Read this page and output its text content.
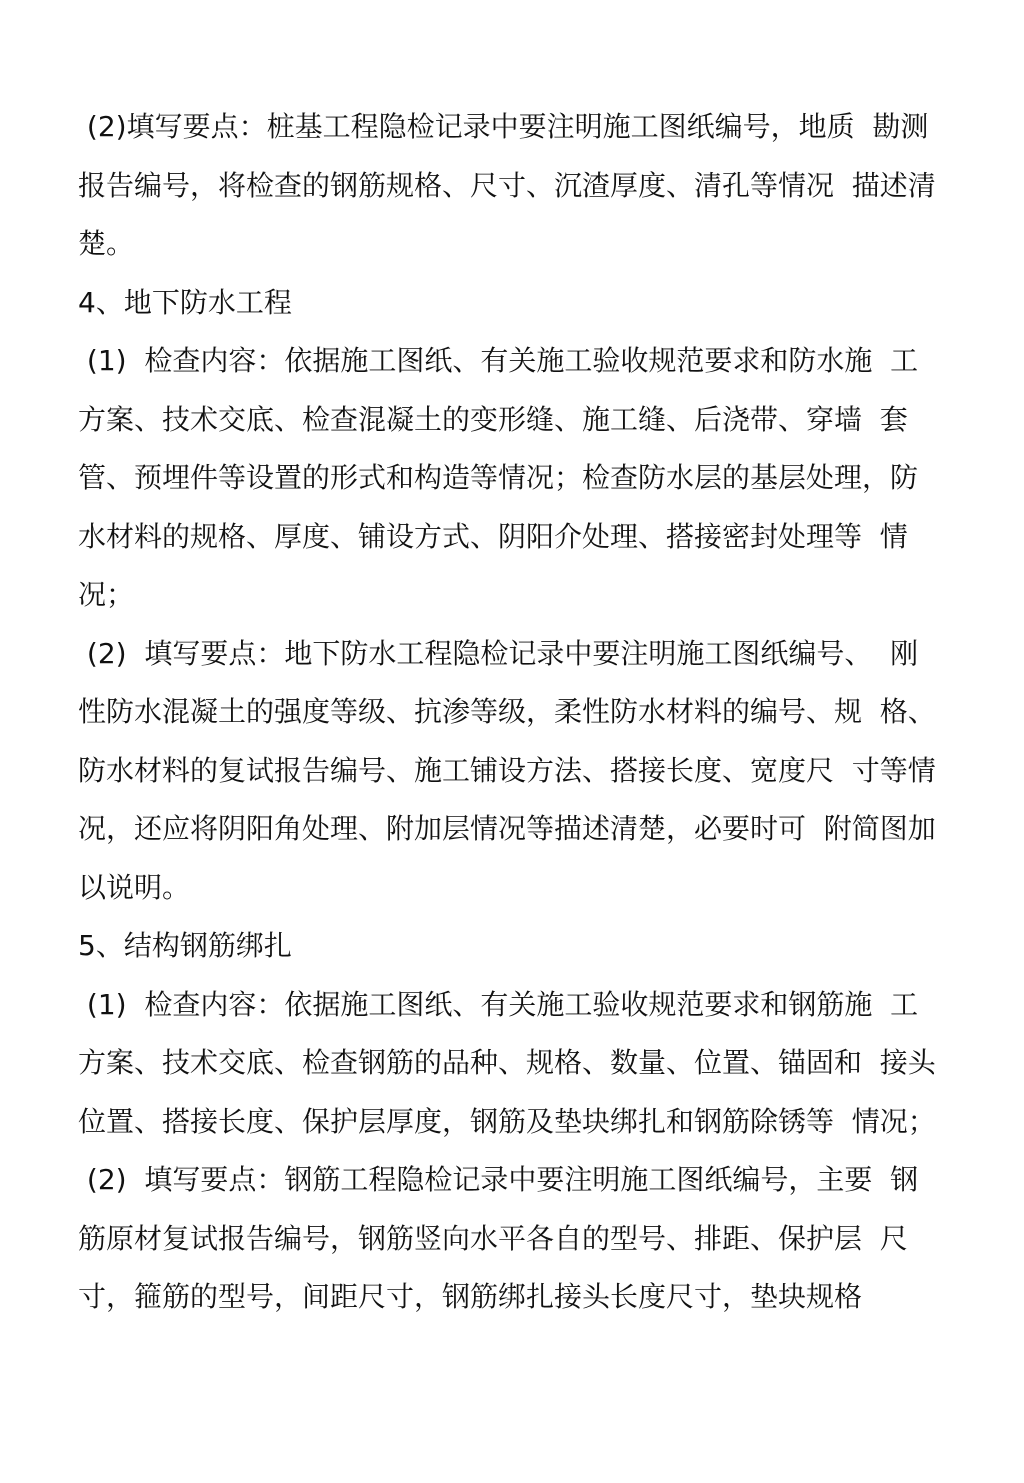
(2)填写要点：桩基工程隐检记录中要注明施工图纸编号，地质  勘测
报告编号，将检查的钢筋规格、尺寸、沉渣厚度、清孔等情况  描述清
楚。
4、地下防水工程
(1)  检查内容：依据施工图纸、有关施工验收规范要求和防水施  工
方案、技术交底、检查混凝土的变形缝、施工缝、后浇带、穿墙  套
管、预埋件等设置的形式和构造等情况；检查防水层的基层处理，防
水材料的规格、厚度、铺设方式、阴阳介处理、搭接密封处理等  情
况；
(2)  填写要点：地下防水工程隐检记录中要注明施工图纸编号、  刚
性防水混凝土的强度等级、抗渗等级，柔性防水材料的编号、规  格、
防水材料的复试报告编号、施工铺设方法、搭接长度、宽度尺  寸等情
况，还应将阴阳角处理、附加层情况等描述清楚，必要时可  附简图加
以说明。
5、结构钢筋绑扎
(1)  检查内容：依据施工图纸、有关施工验收规范要求和钢筋施  工
方案、技术交底、检查钢筋的品种、规格、数量、位置、锚固和  接头
位置、搭接长度、保护层厚度，钢筋及垫块绑扎和钢筋除锈等  情况；
(2)  填写要点：钢筋工程隐检记录中要注明施工图纸编号，主要  钢
筋原材复试报告编号，钢筋竖向水平各自的型号、排距、保护层  尺
寸，箍筋的型号，间距尺寸，钢筋绑扎接头长度尺寸，垫块规格
